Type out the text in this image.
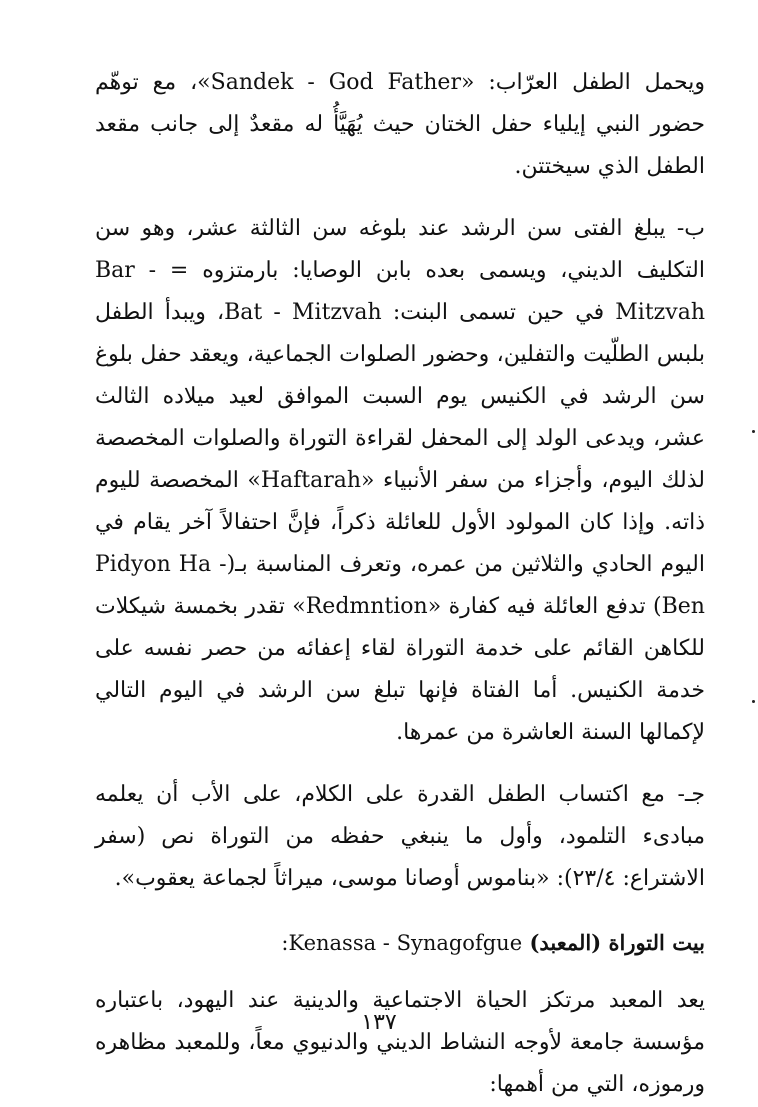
ويحمل الطفل العرّاب: «Sandek - God Father»، مع توهّم حضور النبي إيلياء حفل الختان حيث يُهَيَّأُ له مقعدٌ إلى جانب مقعد الطفل الذي سيختتن.

ب- يبلغ الفتى سن الرشد عند بلوغه سن الثالثة عشر، وهو سن التكليف الديني، ويسمى بعده بابن الوصايا: بارمتزوه = Bar - Mitzvah في حين تسمى البنت: Bat - Mitzvah، ويبدأ الطفل بلبس الطلّيت والتفلين، وحضور الصلوات الجماعية، ويعقد حفل بلوغ سن الرشد في الكنيس يوم السبت الموافق لعيد ميلاده الثالث عشر، ويدعى الولد إلى المحفل لقراءة التوراة والصلوات المخصصة لذلك اليوم، وأجزاء من سفر الأنبياء «Haftarah» المخصصة لليوم ذاته. وإذا كان المولود الأول للعائلة ذكراً، فإنَّ احتفالاً آخر يقام في اليوم الحادي والثلاثين من عمره، وتعرف المناسبة بـ(Pidyon Ha - Ben) تدفع العائلة فيه كفارة «Redmntion» تقدر بخمسة شيكلات للكاهن القائم على خدمة التوراة لقاء إعفائه من حصر نفسه على خدمة الكنيس. أما الفتاة فإنها تبلغ سن الرشد في اليوم التالي لإكمالها السنة العاشرة من عمرها.

جـ- مع اكتساب الطفل القدرة على الكلام، على الأب أن يعلمه مبادىء التلمود، وأول ما ينبغي حفظه من التوراة نص (سفر الاشتراع: ٢٣/٤): «بناموس أوصانا موسى، ميراثاً لجماعة يعقوب».

بيت التوراة (المعبد) :Kenassa - Synagofgue

يعد المعبد مرتكز الحياة الاجتماعية والدينية عند اليهود، باعتباره مؤسسة جامعة لأوجه النشاط الديني والدنيوي معاً، وللمعبد مظاهره ورموزه، التي من أهمها:

١٣٧
